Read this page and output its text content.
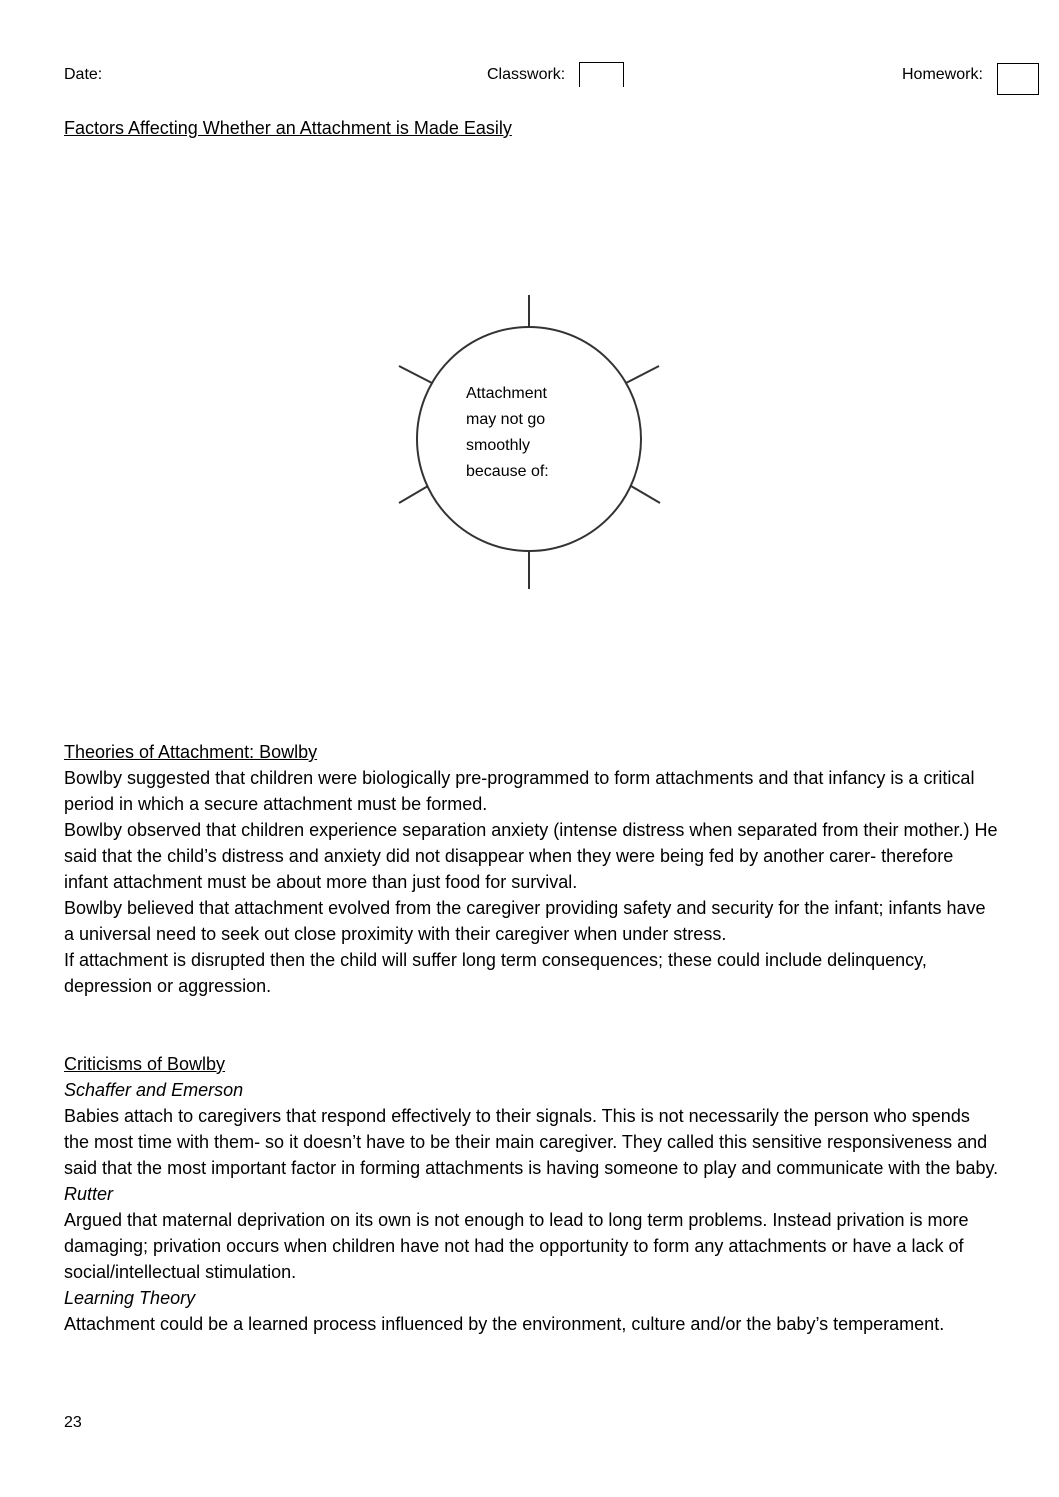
Date:	Classwork:	Homework:
Factors Affecting Whether an Attachment is Made Easily
Attachment
may not go
smoothly
because of:

Theories of Attachment: Bowlby

Bowlby suggested that children were biologically pre-programmed to form attachments and that infancy is a critical period in which a secure attachment must be formed.

Bowlby observed that children experience separation anxiety (intense distress when separated from their mother.) He said that the child’s distress and anxiety did not disappear when they were being fed by another carer- therefore infant attachment must be about more than just food for survival.

Bowlby believed that attachment evolved from the caregiver providing safety and security for the infant; infants have a universal need to seek out close proximity with their caregiver when under stress.

If attachment is disrupted then the child will suffer long term consequences; these could include delinquency, depression or aggression.

Criticisms of Bowlby

Schaffer and Emerson

Babies attach to caregivers that respond effectively to their signals. This is not necessarily the person who spends the most time with them- so it doesn’t have to be their main caregiver. They called this sensitive responsiveness and said that the most important factor in forming attachments is having someone to play and communicate with the baby.

Rutter

Argued that maternal deprivation on its own is not enough to lead to long term problems. Instead privation is more damaging; privation occurs when children have not had the opportunity to form any attachments or have a lack of social/intellectual stimulation.

Learning Theory

Attachment could be a learned process influenced by the environment, culture and/or the baby’s temperament.

23
